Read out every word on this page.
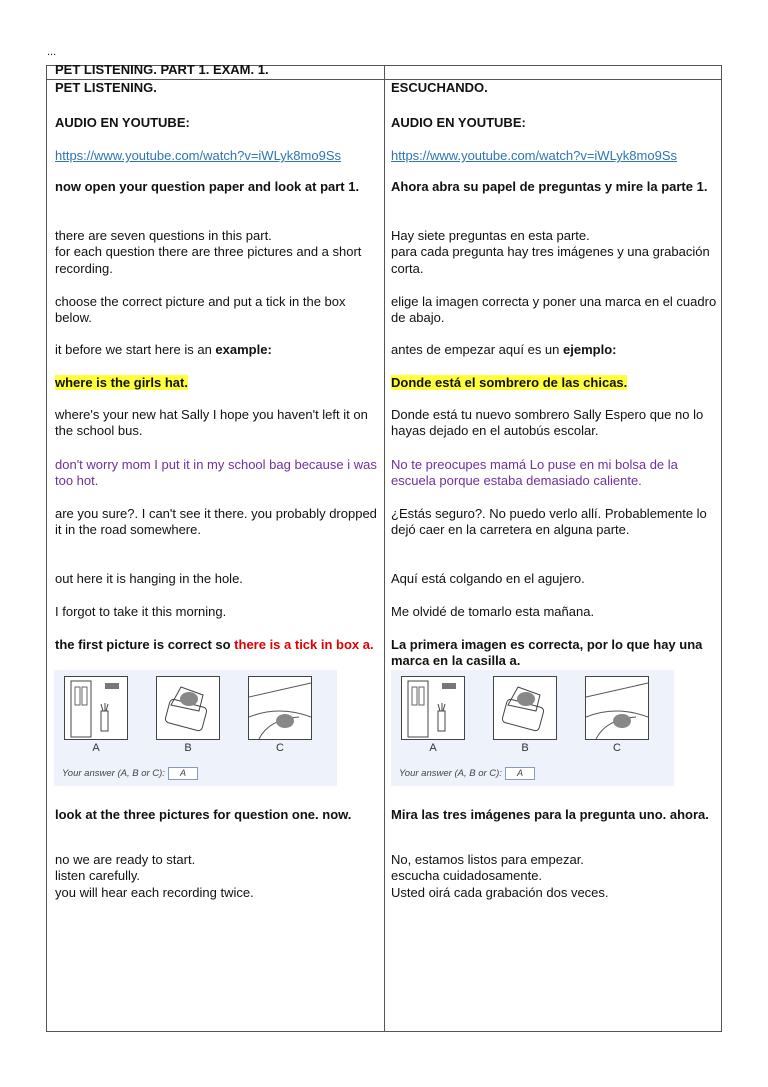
...
PET LISTENING. PART 1. EXAM. 1.
PET LISTENING.
AUDIO EN YOUTUBE:
https://www.youtube.com/watch?v=iWLyk8mo9Ss
now open your question paper and look at part 1.
there are seven questions in this part.
for each question there are three pictures and a short recording.
choose the correct picture and put a tick in the box below.
it before we start here is an example:
where is the girls hat.
where's your new hat Sally I hope you haven't left it on the school bus.
don't worry mom I put it in my school bag because i was too hot.
are you sure?. I can't see it there. you probably dropped it in the road somewhere.
out here it is hanging in the hole.
I forgot to take it this morning.
the first picture is correct so there is a tick in box a.
A	B	C
Your answer (A, B or C): A
look at the three pictures for question one. now.
no we are ready to start.
listen carefully.
you will hear each recording twice.
ESCUCHANDO.
AUDIO EN YOUTUBE:
https://www.youtube.com/watch?v=iWLyk8mo9Ss
Ahora abra su papel de preguntas y mire la parte 1.
Hay siete preguntas en esta parte.
para cada pregunta hay tres imágenes y una grabación corta.
elige la imagen correcta y poner una marca en el cuadro de abajo.
antes de empezar aquí es un ejemplo:
Donde está el sombrero de las chicas.
Donde está tu nuevo sombrero Sally Espero que no lo hayas dejado en el autobús escolar.
No te preocupes mamá Lo puse en mi bolsa de la escuela porque estaba demasiado caliente.
¿Estás seguro?. No puedo verlo allí. Probablemente lo dejó caer en la carretera en alguna parte.
Aquí está colgando en el agujero.
Me olvidé de tomarlo esta mañana.
La primera imagen es correcta, por lo que hay una marca en la casilla a.
A	B	C
Your answer (A, B or C): A
Mira las tres imágenes para la pregunta uno. ahora.
No, estamos listos para empezar.
escucha cuidadosamente.
Usted oirá cada grabación dos veces.
